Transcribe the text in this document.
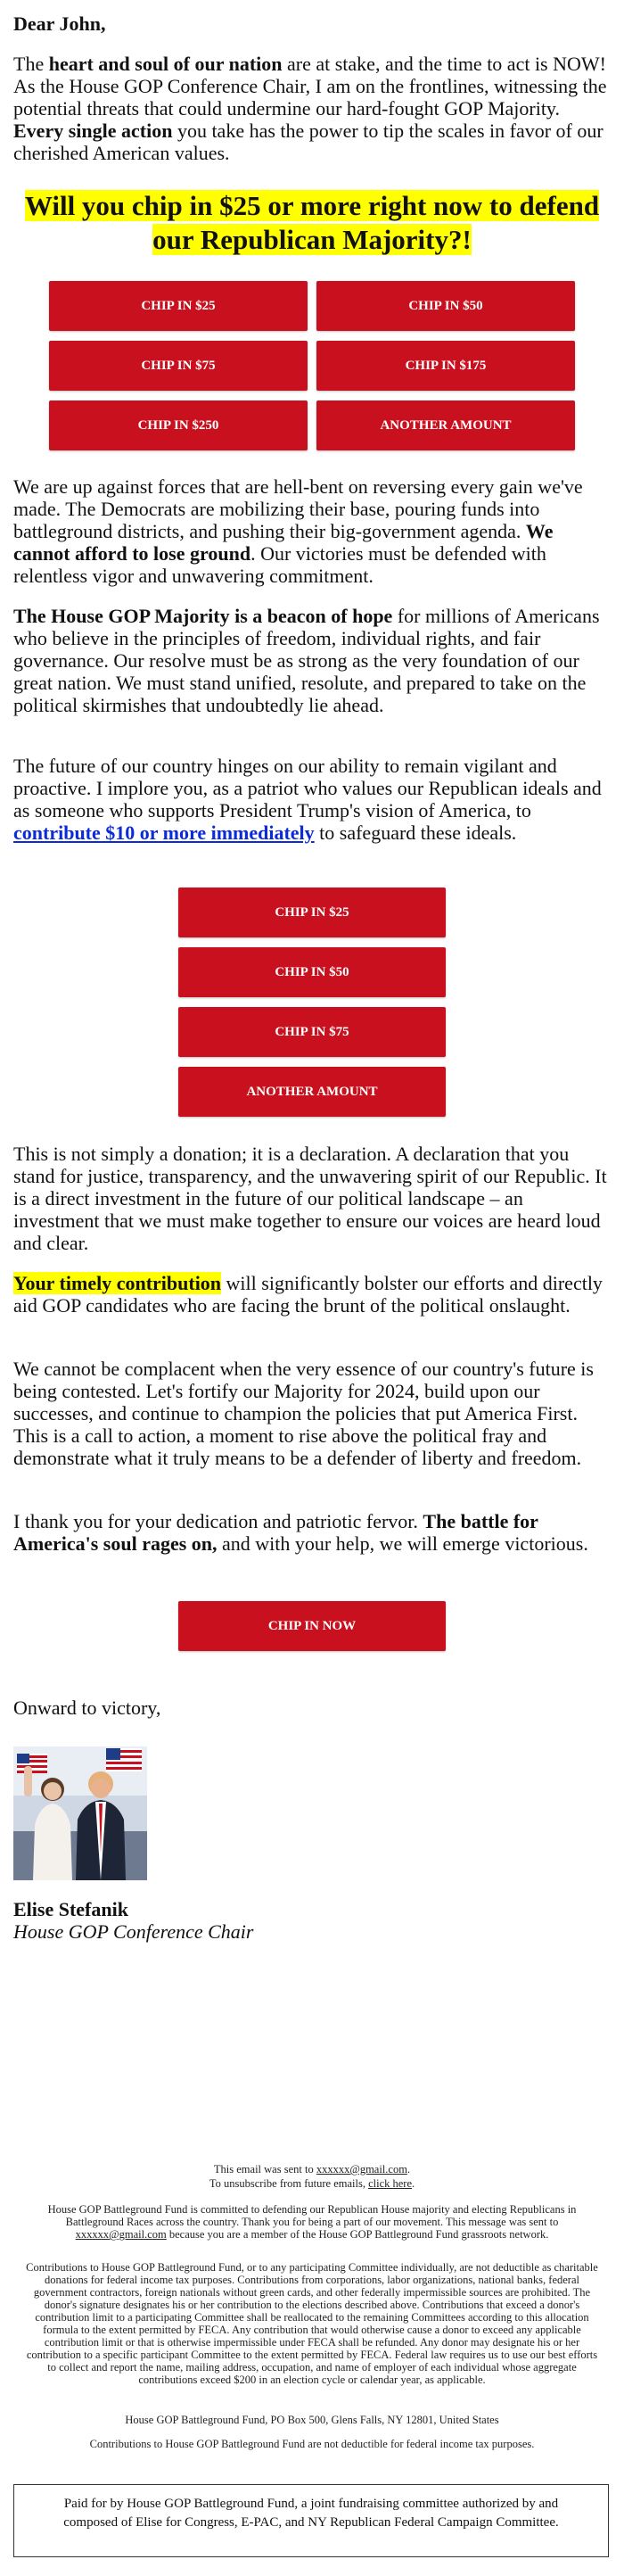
Dear John,

The heart and soul of our nation are at stake, and the time to act is NOW! As the House GOP Conference Chair, I am on the frontlines, witnessing the potential threats that could undermine our hard-fought GOP Majority. Every single action you take has the power to tip the scales in favor of our cherished American values.

Will you chip in $25 or more right now to defend our Republican Majority?!
CHIP IN $25	CHIP IN $50
CHIP IN $75	CHIP IN $175
CHIP IN $250	ANOTHER AMOUNT

We are up against forces that are hell-bent on reversing every gain we've made. The Democrats are mobilizing their base, pouring funds into battleground districts, and pushing their big-government agenda. We cannot afford to lose ground. Our victories must be defended with relentless vigor and unwavering commitment.

The House GOP Majority is a beacon of hope for millions of Americans who believe in the principles of freedom, individual rights, and fair governance. Our resolve must be as strong as the very foundation of our great nation. We must stand unified, resolute, and prepared to take on the political skirmishes that undoubtedly lie ahead.

The future of our country hinges on our ability to remain vigilant and proactive. I implore you, as a patriot who values our Republican ideals and as someone who supports President Trump's vision of America, to contribute $10 or more immediately to safeguard these ideals.

CHIP IN $25
CHIP IN $50
CHIP IN $75
ANOTHER AMOUNT

This is not simply a donation; it is a declaration. A declaration that you stand for justice, transparency, and the unwavering spirit of our Republic. It is a direct investment in the future of our political landscape – an investment that we must make together to ensure our voices are heard loud and clear.

Your timely contribution will significantly bolster our efforts and directly aid GOP candidates who are facing the brunt of the political onslaught.

We cannot be complacent when the very essence of our country's future is being contested. Let's fortify our Majority for 2024, build upon our successes, and continue to champion the policies that put America First. This is a call to action, a moment to rise above the political fray and demonstrate what it truly means to be a defender of liberty and freedom.

I thank you for your dedication and patriotic fervor. The battle for America's soul rages on, and with your help, we will emerge victorious.

CHIP IN NOW
Onward to victory,
Elise Stefanik
House GOP Conference Chair
This email was sent to xxxxxx@gmail.com.
To unsubscribe from future emails, click here.
House GOP Battleground Fund is committed to defending our Republican House majority and electing Republicans in Battleground Races across the country. Thank you for being a part of our movement. This message was sent to xxxxxx@gmail.com because you are a member of the House GOP Battleground Fund grassroots network.
Contributions to House GOP Battleground Fund, or to any participating Committee individually, are not deductible as charitable donations for federal income tax purposes. Contributions from corporations, labor organizations, national banks, federal government contractors, foreign nationals without green cards, and other federally impermissible sources are prohibited. The donor's signature designates his or her contribution to the elections described above. Contributions that exceed a donor's contribution limit to a participating Committee shall be reallocated to the remaining Committees according to this allocation formula to the extent permitted by FECA. Any contribution that would otherwise cause a donor to exceed any applicable contribution limit or that is otherwise impermissible under FECA shall be refunded. Any donor may designate his or her contribution to a specific participant Committee to the extent permitted by FECA. Federal law requires us to use our best efforts to collect and report the name, mailing address, occupation, and name of employer of each individual whose aggregate contributions exceed $200 in an election cycle or calendar year, as applicable.
House GOP Battleground Fund, PO Box 500, Glens Falls, NY 12801, United States
Contributions to House GOP Battleground Fund are not deductible for federal income tax purposes.
Paid for by House GOP Battleground Fund, a joint fundraising committee authorized by and composed of Elise for Congress, E-PAC, and NY Republican Federal Campaign Committee.
